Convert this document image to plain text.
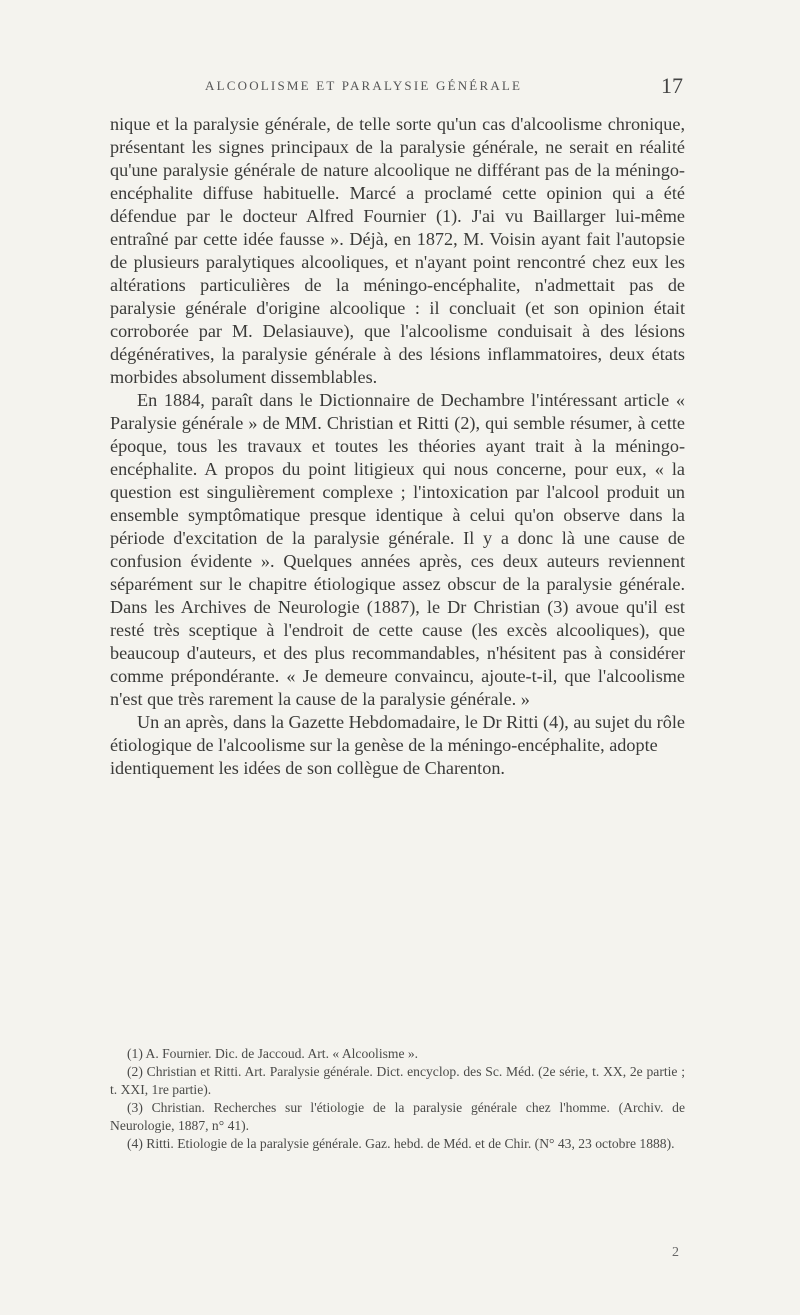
ALCOOLISME ET PARALYSIE GÉNÉRALE	17

nique et la paralysie générale, de telle sorte qu'un cas d'alcoolisme chronique, présentant les signes principaux de la paralysie générale, ne serait en réalité qu'une paralysie générale de nature alcoolique ne différant pas de la méningo-encéphalite diffuse habituelle. Marcé a proclamé cette opinion qui a été défendue par le docteur Alfred Fournier (1). J'ai vu Baillarger lui-même entraîné par cette idée fausse ». Déjà, en 1872, M. Voisin ayant fait l'autopsie de plusieurs paralytiques alcooliques, et n'ayant point rencontré chez eux les altérations particulières de la méningo-encéphalite, n'admettait pas de paralysie générale d'origine alcoolique : il concluait (et son opinion était corroborée par M. Delasiauve), que l'alcoolisme conduisait à des lésions dégénératives, la paralysie générale à des lésions inflammatoires, deux états morbides absolument dissemblables.

En 1884, paraît dans le Dictionnaire de Dechambre l'intéressant article « Paralysie générale » de MM. Christian et Ritti (2), qui semble résumer, à cette époque, tous les travaux et toutes les théories ayant trait à la méningo-encéphalite. A propos du point litigieux qui nous concerne, pour eux, « la question est singulièrement complexe ; l'intoxication par l'alcool produit un ensemble symptômatique presque identique à celui qu'on observe dans la période d'excitation de la paralysie générale. Il y a donc là une cause de confusion évidente ». Quelques années après, ces deux auteurs reviennent séparément sur le chapitre étiologique assez obscur de la paralysie générale. Dans les Archives de Neurologie (1887), le Dr Christian (3) avoue qu'il est resté très sceptique à l'endroit de cette cause (les excès alcooliques), que beaucoup d'auteurs, et des plus recommandables, n'hésitent pas à considérer comme prépondérante. « Je demeure convaincu, ajoute-t-il, que l'alcoolisme n'est que très rarement la cause de la paralysie générale. »

Un an après, dans la Gazette Hebdomadaire, le Dr Ritti (4), au sujet du rôle étiologique de l'alcoolisme sur la genèse de la méningo-encéphalite, adopte identiquement les idées de son collègue de Charenton.

(1) A. Fournier. Dic. de Jaccoud. Art. « Alcoolisme ».

(2) Christian et Ritti. Art. Paralysie générale. Dict. encyclop. des Sc. Méd. (2e série, t. XX, 2e partie ; t. XXI, 1re partie).

(3) Christian. Recherches sur l'étiologie de la paralysie générale chez l'homme. (Archiv. de Neurologie, 1887, n° 41).

(4) Ritti. Etiologie de la paralysie générale. Gaz. hebd. de Méd. et de Chir. (N° 43, 23 octobre 1888).

2
